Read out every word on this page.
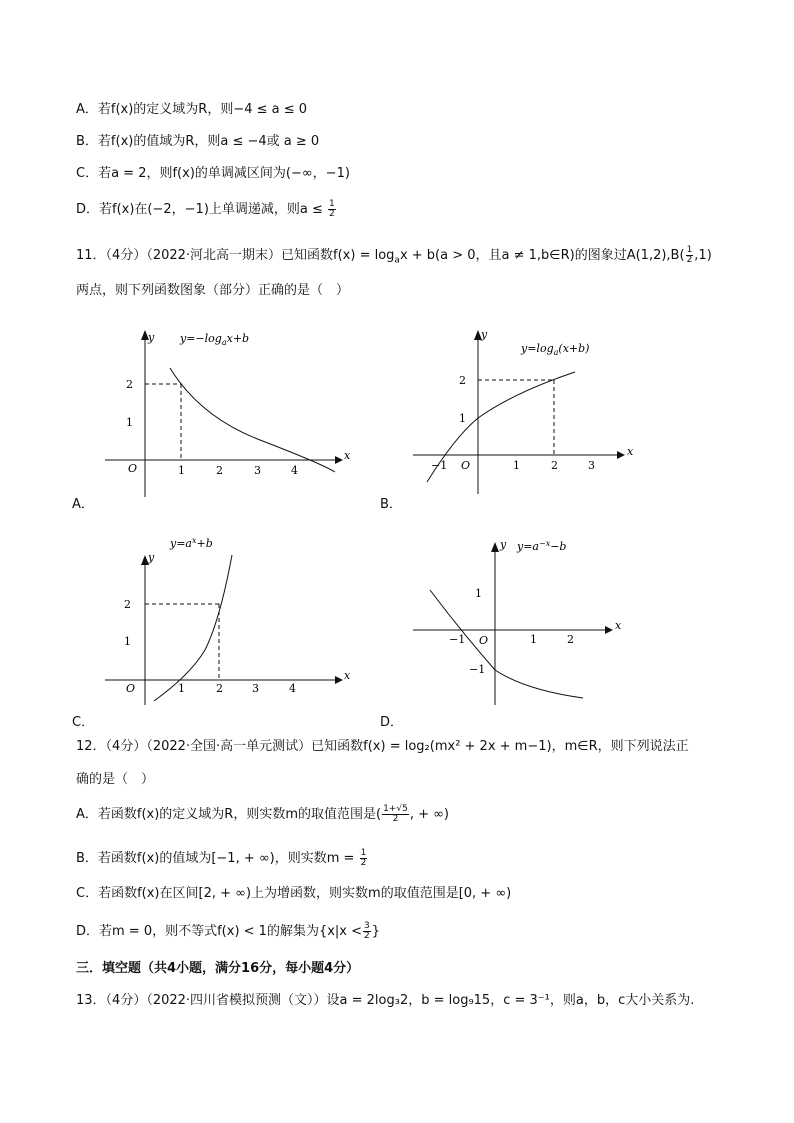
A．若f(x)的定义域为R，则−4 ≤ a ≤ 0
B．若f(x)的值域为R，则a ≤ −4或 a ≥ 0
C．若a = 2，则f(x)的单调减区间为(−∞，−1)
D．若f(x)在(−2，−1)上单调递减，则$a \le \frac{1}{2}$
11．（4分）（2022·河北高一期末）已知函数$f(x) = \log_ax + b(a > 0$，且a ≠ 1,b∈R)的图象过$A(1,2),B( \frac{1}{2} ,1)$
两点，则下列函数图象（部分）正确的是（　）
y
x
O
2
1
1	2	3	4
$y=-\log_ax+b$
A．
y
x
O
2
1
−1	1	2	3
$y=\log_a(x+b)$
B．
y
x
O
2
1
1	2	3	4
$y=a^x+b$
C．
y
x
O
1
−1
−1	1	2
$y=a^{-x}-b$
D．
12．（4分）（2022·全国·高一单元测试）已知函数f(x) = log₂(mx² + 2x + m−1)，m∈R，则下列说法正
确的是（　）
A．若函数f(x)的定义域为R，则实数m的取值范围是( $\frac{1+√5}{2}$ , + ∞)
B．若函数f(x)的值域为[−1, + ∞)，则实数$m = \frac{1}{2}$
C．若函数f(x)在区间[2, + ∞)上为增函数，则实数m的取值范围是[0, + ∞)
D．若m = 0，则不等式f(x) < 1的解集为{$x|x < \frac{3}{2}$ }
三．填空题（共4小题，满分16分，每小题4分）
13．（4分）（2022·四川省模拟预测（文））设a = 2log₃2，b = log₉15，c = 3⁻¹，则a，b，c大小关系为.
